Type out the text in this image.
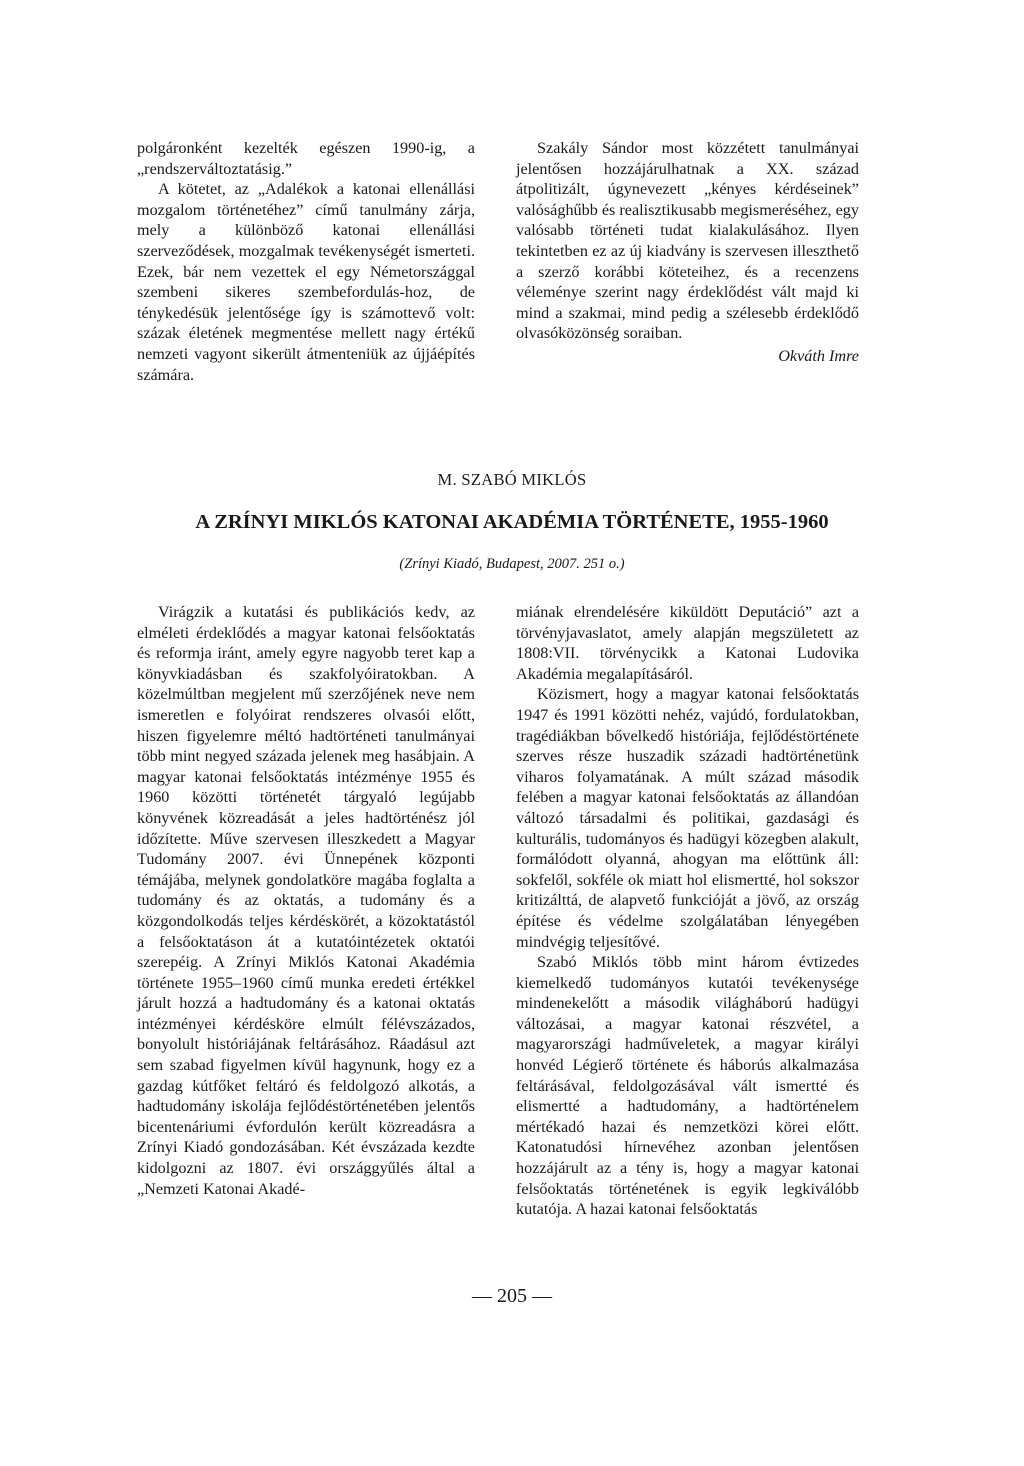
polgáronként kezelték egészen 1990-ig, a „rendszerváltoztatásig.”

A kötetet, az „Adalékok a katonai ellenállási mozgalom történetéhez” című tanulmány zárja, mely a különböző katonai ellenállási szerveződések, mozgalmak tevékenységét ismerteti. Ezek, bár nem vezettek el egy Németországgal szembeni sikeres szembefordulás-hoz, de ténykedésük jelentősége így is számottevő volt: százak életének megmentése mellett nagy értékű nemzeti vagyont sikerült átmenteniük az újjáépítés számára.

Szakály Sándor most közzétett tanulmányai jelentősen hozzájárulhatnak a XX. század átpolitizált, úgynevezett „kényes kérdéseinek” valósághűbb és realisztikusabb megismeréséhez, egy valósabb történeti tudat kialakulásához. Ilyen tekintetben ez az új kiadvány is szervesen illeszthető a szerző korábbi köteteihez, és a recenzens véleménye szerint nagy érdeklődést vált majd ki mind a szakmai, mind pedig a szélesebb érdeklődő olvasóközönség soraiban.

Okváth Imre

M. SZABÓ MIKLÓS
A ZRÍNYI MIKLÓS KATONAI AKADÉMIA TÖRTÉNETE, 1955-1960
(Zrínyi Kiadó, Budapest, 2007. 251 o.)

Virágzik a kutatási és publikációs kedv, az elméleti érdeklődés a magyar katonai felsőoktatás és reformja iránt, amely egyre nagyobb teret kap a könyvkiadásban és szakfolyóiratokban. A közelmúltban megjelent mű szerzőjének neve nem ismeretlen e folyóirat rendszeres olvasói előtt, hiszen figyelemre méltó hadtörténeti tanulmányai több mint negyed százada jelenek meg hasábjain. A magyar katonai felsőoktatás intézménye 1955 és 1960 közötti történetét tárgyaló legújabb könyvének közreadását a jeles hadtörténész jól időzítette. Műve szervesen illeszkedett a Magyar Tudomány 2007. évi Ünnepének központi témájába, melynek gondolatköre magába foglalta a tudomány és az oktatás, a tudomány és a közgondolkodás teljes kérdéskörét, a közoktatástól a felsőoktatáson át a kutatóintézetek oktatói szerepéig. A Zrínyi Miklós Katonai Akadémia története 1955–1960 című munka eredeti értékkel járult hozzá a hadtudomány és a katonai oktatás intézményei kérdésköre elmúlt félévszázados, bonyolult históriájának feltárásához. Ráadásul azt sem szabad figyelmen kívül hagynunk, hogy ez a gazdag kútfőket feltáró és feldolgozó alkotás, a hadtudomány iskolája fejlődéstörténetében jelentős bicentenáriumi évfordulón került közreadásra a Zrínyi Kiadó gondozásában. Két évszázada kezdte kidolgozni az 1807. évi országgyűlés által a „Nemzeti Katonai Akadé-

miának elrendelésére kiküldött Deputáció” azt a törvényjavaslatot, amely alapján megszületett az 1808:VII. törvénycikk a Katonai Ludovika Akadémia megalapításáról.

Közismert, hogy a magyar katonai felsőoktatás 1947 és 1991 közötti nehéz, vajúdó, fordulatokban, tragédiákban bővelkedő históriája, fejlődéstörténete szerves része huszadik századi hadtörténetünk viharos folyamatának. A múlt század második felében a magyar katonai felsőoktatás az állandóan változó társadalmi és politikai, gazdasági és kulturális, tudományos és hadügyi közegben alakult, formálódott olyanná, ahogyan ma előttünk áll: sokfelől, sokféle ok miatt hol elismertté, hol sokszor kritizálttá, de alapvető funkcióját a jövő, az ország építése és védelme szolgálatában lényegében mindvégig teljesítővé.

Szabó Miklós több mint három évtizedes kiemelkedő tudományos kutatói tevékenysége mindenekelőtt a második világháború hadügyi változásai, a magyar katonai részvétel, a magyarországi hadműveletek, a magyar királyi honvéd Légierő története és háborús alkalmazása feltárásával, feldolgozásával vált ismertté és elismertté a hadtudomány, a hadtörténelem mértékadó hazai és nemzetközi körei előtt. Katonatudósi hírnevéhez azonban jelentősen hozzájárult az a tény is, hogy a magyar katonai felsőoktatás történetének is egyik legkiválóbb kutatója. A hazai katonai felsőoktatás

— 205 —
